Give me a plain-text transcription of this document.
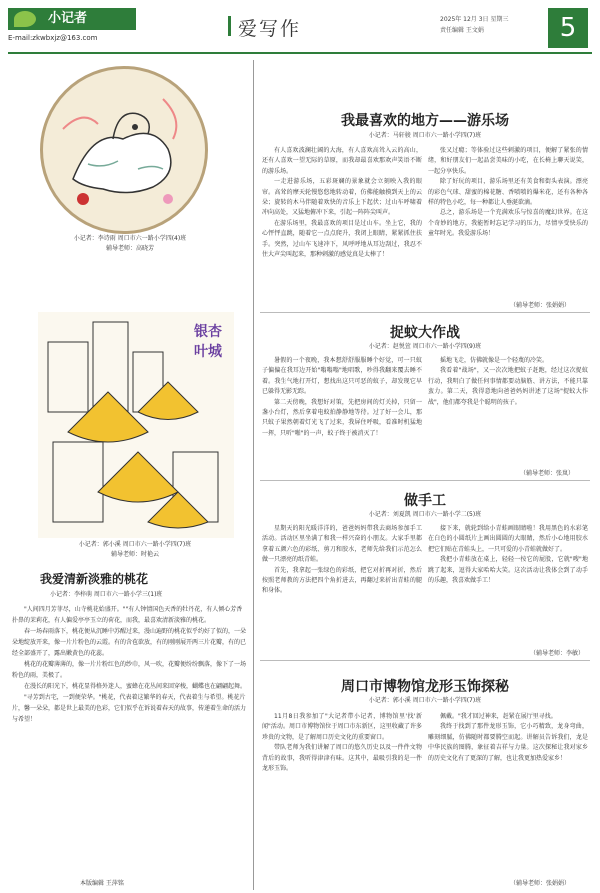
小记者
E-mail:zkwbxjz@163.com	爱写作	2025年 12月 3日 星期三
责任编辑 王文娟	5
小记者：李诗雨 周口市六一路小学四(4)班
辅导老师：高晓芳
银杏叶城
小记者：郭小溪 周口市六一路小学四(7)班
辅导老师：时艳云
我爱清新淡雅的桃花
小记者：李梓萌 周口市六一路小学三(1)班

"人间四月芳菲尽，山寺桃花始盛开。""有人钟情国色天香的牡丹花，有人倾心芳香扑鼻的茉莉花，有人偏爱亭亭玉立的荷花，而我，最喜欢清新淡雅的桃花。

春一场春雨落下，桃花便从沉睡中苏醒过来，漫山遍野的桃花似乎约好了似的，一朵朵地绽放开来，像一片片粉色的云霞。有的含苞欲放，有的刚刚展开两三片花瓣，有的已经全部盛开了，露出嫩黄色的花蕊。

桃花的花瓣薄薄的，像一片片粉红色的纱巾，风一吹，花瓣便纷纷飘落，像下了一场粉色的雨，美极了。

在漫长的阳光下，桃花显得格外迷人，蜜蜂在花丛间来回穿梭，蝴蝶也在翩翩起舞。

"寻芳到古宅，一到便荣华。"桃花，代表着这繁华的春天，代表着生与希望。桃花片片，馨一朵朵，都是世上最美的色彩，它们似乎在诉说着春天的故事，传递着生命的活力与希望！

本版编辑 王萍铭
我最喜欢的地方——游乐场
小记者：马轩骏 周口市六一路小学四(7)班

有人喜欢波澜壮阔的大海，有人喜欢高耸入云的高山，还有人喜欢一望无际的草原，而我却最喜欢那欢声笑语不断的游乐场。

一走进游乐场，五彩斑斓的景象就会立刻映入我的眼帘。高耸的摩天轮慢悠悠地转动着，仿佛能触摸到天上的云朵；旋转的木马伴随着欢快的音乐上下起伏；过山车呼啸着冲向高处，又猛地俯冲下来，引起一阵阵尖叫声。

在游乐场里，我最喜欢的项目是过山车。坐上它，我的心怦怦直跳，随着它一点点爬升，我闭上眼睛，紧紧抓住扶手。突然，过山车飞速冲下，风呼呼地从耳边刮过，我忍不住大声尖叫起来，那种刺激的感觉真是太棒了！

张又过瘾；等体验过这些刺激的项目，便解了紧张的情绪，和好朋友们一起品尝美味的小吃，在长椅上聊天说笑，一起分享快乐。

除了好玩的项目，游乐场里还有美食和街头表演。漂亮的彩色气球、甜蜜的棉花糖、香喷喷的爆米花，还有各种各样的特色小吃，每一种都让人垂涎欲滴。

总之，游乐场是一个充满欢乐与惊喜的魔幻世界。在这个奇妙的地方，我能暂时忘记学习的压力，尽情享受快乐的童年时光。我爱游乐场！

（辅导老师：张娟娟）
捉蚊大作战
小记者：赵悦萱 周口市六一路小学四(9)班

暑假的一个夜晚，我本想舒舒服服睡个好觉，可一只蚊子偏偏在我耳边开始"嗡嗡嗡"地唱歌，吵得我翻来覆去睡不着。我生气地打开灯，想找出这只可恶的蚊子，却发现它早已躲得无影无踪。

第二天傍晚，我想好对策，先把房间的灯关掉，只留一盏小台灯，然后拿着电蚊拍静静地等待。过了好一会儿，那只蚊子果然朝着灯光飞了过来，我屏住呼吸，看准时机猛地一挥，只听"啪"的一声，蚊子终于被消灭了！

摇地飞走，仿佛就像是一个轻蔑的冷笑。

我看着"战场"，又一次次地把蚊子赶跑，经过这次捉蚊行动，我明白了做任何事情都要动脑筋、讲方法，不能只靠蛮力。第二天，我得意地向爸爸妈妈讲述了这场"捉蚊大作战"，他们都夸我是个聪明的孩子。

（辅导老师：张岚）
做手工
小记者：刘夏凯 周口市六一路小学二(5)班

星期天的阳光暖洋洋的，爸爸妈妈带我去商场参加手工活动。活动区里坐满了和我一样兴奋的小朋友。大家手里都拿着五颜六色的彩纸、剪刀和胶水，老师先给我们示范怎么做一只漂亮的纸青蛙。

首先，我拿起一张绿色的彩纸，把它对折再对折，然后按照老师教的方法把四个角折进去，再翻过来折出青蛙的腿和身体。

接下来，就轮到给小青蛙画眼睛啦！我用黑色的水彩笔在白色的小圆纸片上画出圆圆的大眼睛，然后小心地用胶水把它们贴在青蛙头上，一只可爱的小青蛙就做好了。

我把小青蛙放在桌上，轻轻一按它的屁股，它就"嗖"地跳了起来，逗得大家哈哈大笑。这次活动让我体会到了动手的乐趣，我喜欢做手工！

（辅导老师：李敏）
周口市博物馆龙形玉饰探秘
小记者：郭小溪 周口市六一路小学四(7)班

11月8日我参加了"大记者带小记者，博物馆里'找'新闻"活动。周口市博物馆位于周口市东新区，这里收藏了许多珍贵的文物，是了解周口历史文化的重要窗口。

带队老师为我们讲解了周口的悠久历史以及一件件文物背后的故事，我听得津津有味。这其中，最吸引我的是一件龙形玉饰。

佩戴。"我才回过神来，赶紧在展厅里寻找。

我终于找到了那件龙形玉饰，它小巧精致，龙身弯曲，雕刻细腻，仿佛随时都要腾空而起。讲解员告诉我们，龙是中华民族的图腾，象征着吉祥与力量。这次探秘让我对家乡的历史文化有了更深的了解，也让我更加热爱家乡！

（辅导老师：张娟娟）
